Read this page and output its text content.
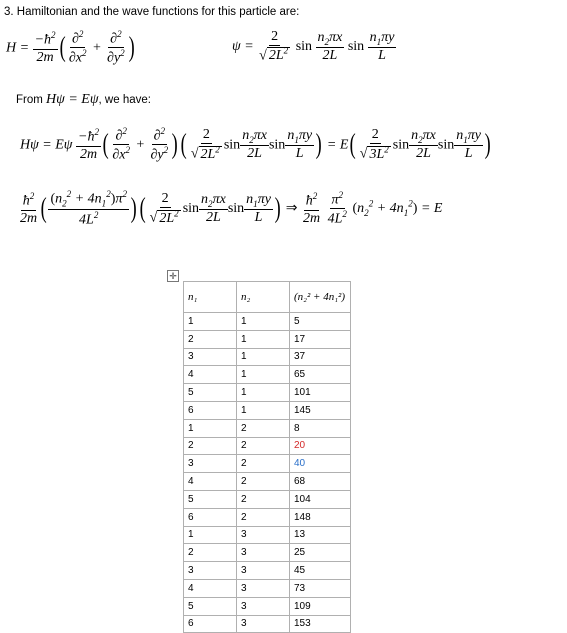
3. Hamiltonian and the wave functions for this particle are:
$H = \frac{-ħ^2}{2m}$ ( $\frac{\partial^2}{\partial x^2} + \frac{\partial^2}{\partial y^2}$ )	$\psi = \frac{2}{√ 2L^2}$ $\sin \frac{n_2\pi x}{2L}$ $\sin \frac{n_1\pi y}{L}$
From Hψ = Eψ, we have:
Hψ = Eψ $\frac{-ħ^2}{2m}$ ( $\frac{\partial^2}{\partial x^2} + \frac{\partial^2}{\partial y^2}$ ) ( $\frac{2}{√ 2L^2}$ $\sin \frac{n_2\pi x}{2L}$ $\sin \frac{n_1\pi y}{L}$ ) = $E( \frac{2}{√ 3L^2}$ $\sin \frac{n_2\pi x}{2L}$ $\sin \frac{n_1\pi y}{L}$ )
$\frac{ħ^2}{2m}$ ( $\frac{(n_2^2 + 4n_1^2)\pi^2}{4L^2}$ ) ( $\frac{2}{√ 2L^2}$ $\sin \frac{n_2\pi x}{2L}$ $\sin \frac{n_1\pi y}{L}$ ) ⇒ $\frac{ħ^2}{2m}$
$\frac{\pi^2}{4L^2} (n_2^2 + 4n_1^2) = E$
✛
n₁	n₂	(n₂² + 4n₁²)
1	1	5
2	1	17
3	1	37
4	1	65
5	1	101
6	1	145
1	2	8
2	2	20
3	2	40
4	2	68
5	2	104
6	2	148
1	3	13
2	3	25
3	3	45
4	3	73
5	3	109
6	3	153
